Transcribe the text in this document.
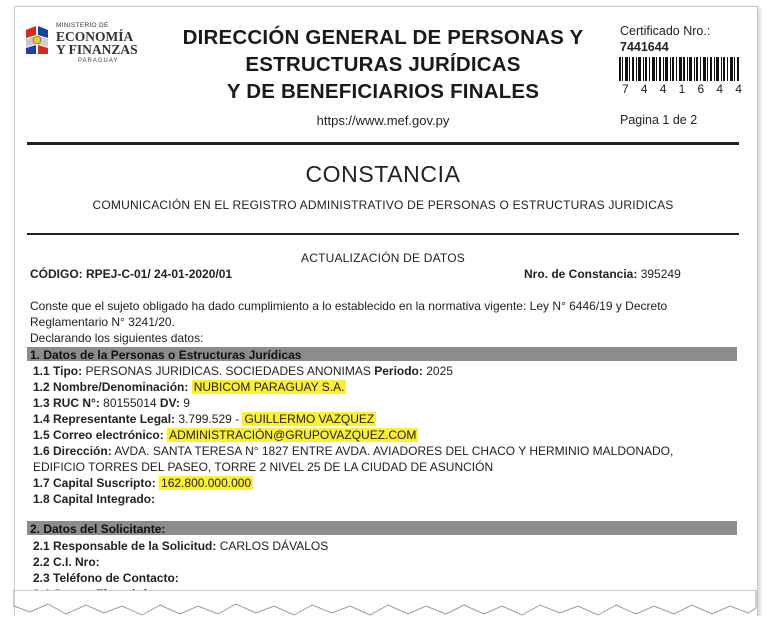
MINISTERIO DE
ECONOMÍA
Y FINANZAS
PARAGUAY
DIRECCIÓN GENERAL DE PERSONAS Y
ESTRUCTURAS JURÍDICAS
Y DE BENEFICIARIOS FINALES
https://www.mef.gov.py
Certificado Nro.:
7441644
7441644
Pagina 1 de 2
CONSTANCIA
COMUNICACIÓN EN EL REGISTRO ADMINISTRATIVO DE PERSONAS O ESTRUCTURAS JURIDICAS
ACTUALIZACIÓN DE DATOS
CÓDIGO: RPEJ-C-01/ 24-01-2020/01	Nro. de Constancia: 395249
Conste que el sujeto obligado ha dado cumplimiento a lo establecido en la normativa vigente: Ley N° 6446/19 y Decreto
Reglamentario N° 3241/20.
Declarando los siguientes datos:
1. Datos de la Personas o Estructuras Jurídicas
1.1 Tipo: PERSONAS JURIDICAS. SOCIEDADES ANONIMAS Periodo: 2025
1.2 Nombre/Denominación: NUBICOM PARAGUAY S.A.
1.3 RUC N°: 80155014 DV: 9
1.4 Representante Legal: 3.799.529 - GUILLERMO VAZQUEZ
1.5 Correo electrónico: ADMINISTRACIÓN@GRUPOVAZQUEZ.COM
1.6 Dirección: AVDA. SANTA TERESA N° 1827 ENTRE AVDA. AVIADORES DEL CHACO Y HERMINIO MALDONADO,
EDIFICIO TORRES DEL PASEO, TORRE 2 NIVEL 25 DE LA CIUDAD DE ASUNCIÓN
1.7 Capital Suscripto: 162.800.000.000
1.8 Capital Integrado:
2. Datos del Solicitante:
2.1 Responsable de la Solicitud: CARLOS DÁVALOS
2.2 C.I. Nro:
2.3 Teléfono de Contacto:
